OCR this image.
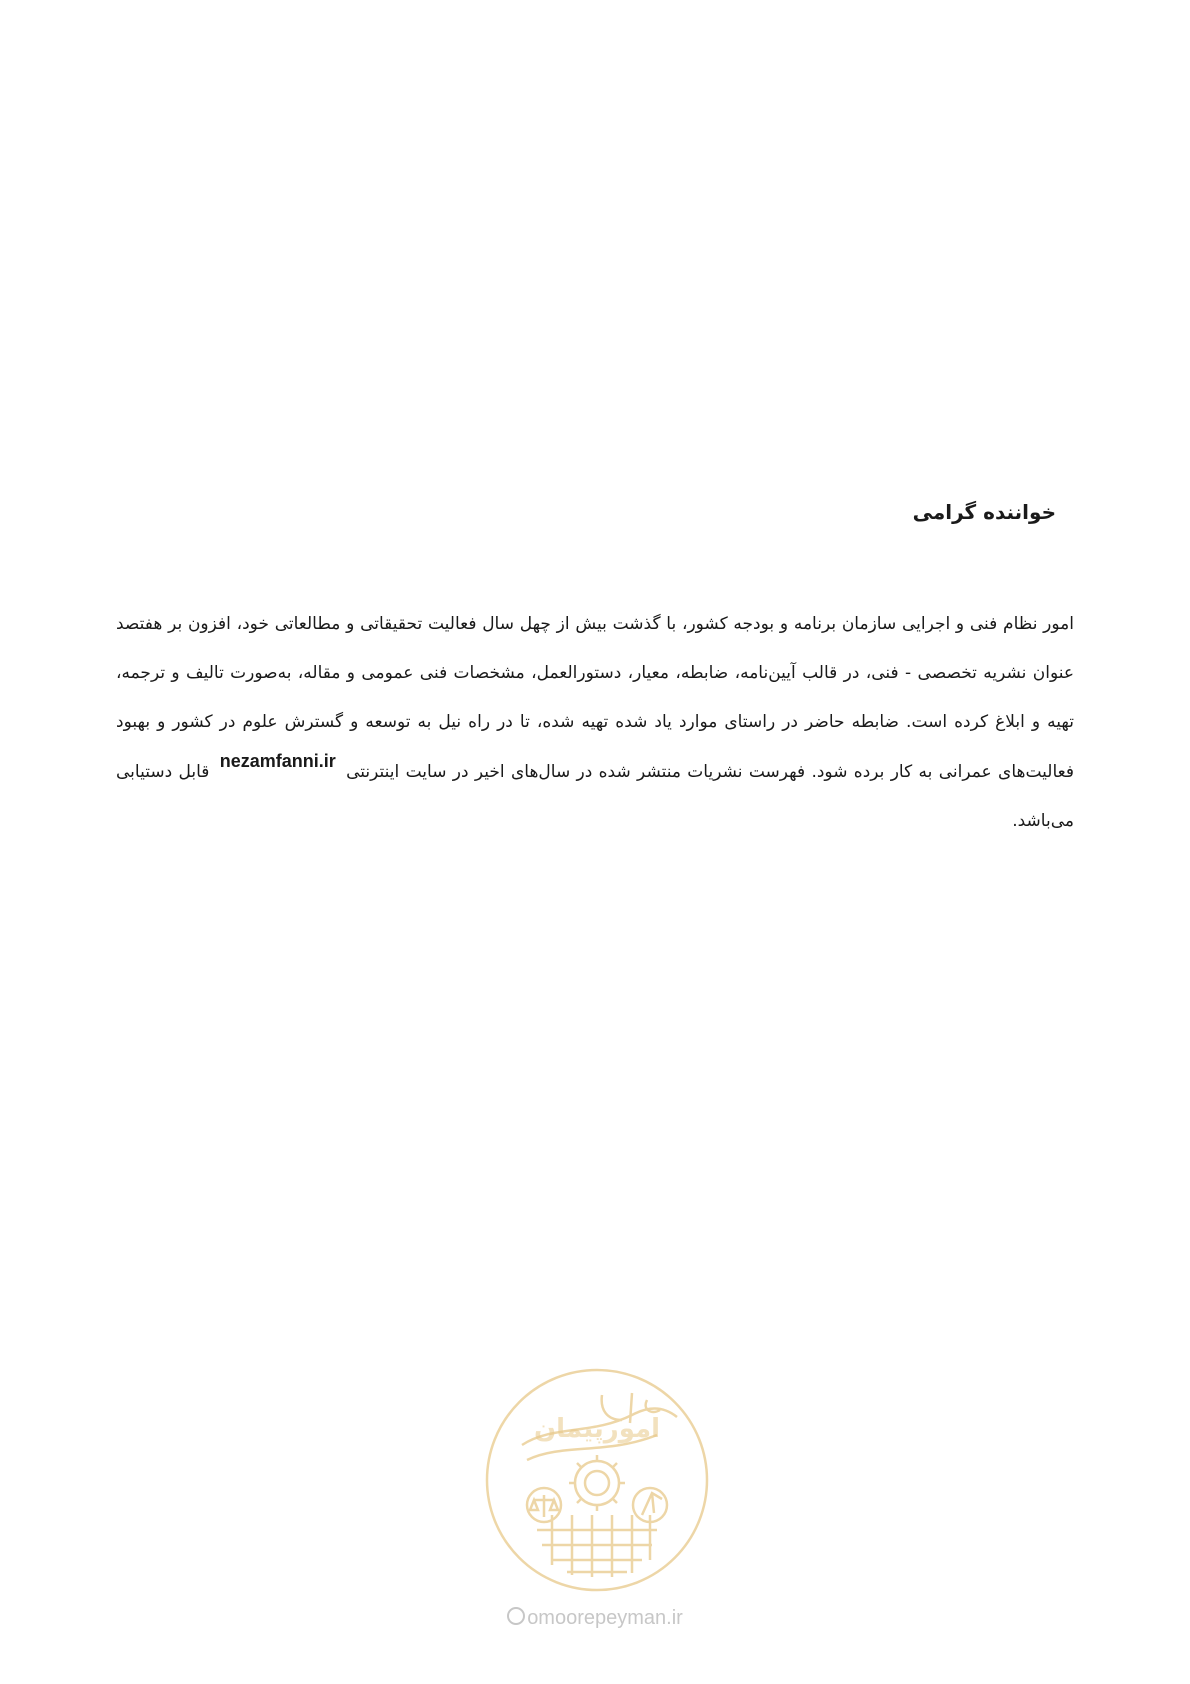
خواننده گرامی

امور نظام فنی و اجرایی سازمان برنامه و بودجه کشور، با گذشت بیش از چهل سال فعالیت تحقیقاتی و مطالعاتی خود، افزون بر هفتصد عنوان نشریه تخصصی - فنی، در قالب آیین‌نامه، ضابطه، معیار، دستورالعمل، مشخصات فنی عمومی و مقاله، به‌صورت تالیف و ترجمه، تهیه و ابلاغ کرده است. ضابطه حاضر در راستای موارد یاد شده تهیه شده، تا در راه نیل به توسعه و گسترش علوم در کشور و بهبود فعالیت‌های عمرانی به کار برده شود. فهرست نشریات منتشر شده در سال‌های اخیر در سایت اینترنتی nezamfanni.ir قابل دستیابی می‌باشد.

امورپیمان
omoorepeyman.ir
